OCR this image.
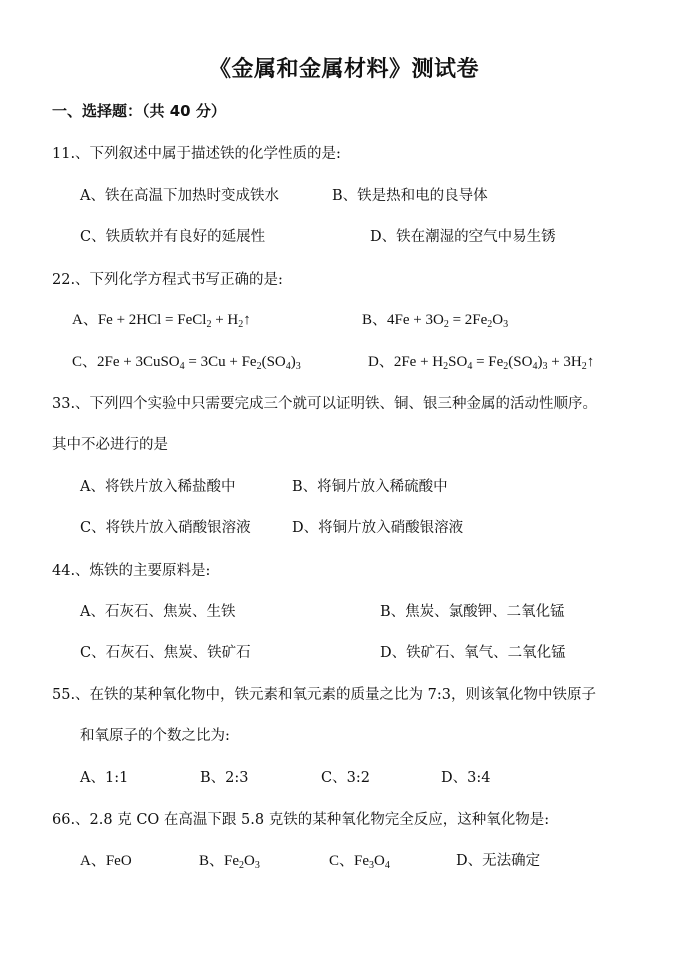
《金属和金属材料》测试卷
一、选择题：（共 40 分）
11.、下列叙述中属于描述铁的化学性质的是:
A、铁在高温下加热时变成铁水	B、铁是热和电的良导体
C、铁质软并有良好的延展性	D、铁在潮湿的空气中易生锈
22.、下列化学方程式书写正确的是:
A、Fe + 2HCl = FeCl$_2$ + $H_2↑$	B、$4Fe + 3O_2 = 2Fe_2O_3$
C、2Fe + 3CuSO$_4$ = $3Cu + Fe_2(SO_4)_3$	D、$2Fe + H_2SO_4 = Fe_2(SO_4)_3$ + $3H_2↑$
33.、下列四个实验中只需要完成三个就可以证明铁、铜、银三种金属的活动性顺序。
其中不必进行的是
A、将铁片放入稀盐酸中	B、将铜片放入稀硫酸中
C、将铁片放入硝酸银溶液	D、将铜片放入硝酸银溶液
44.、炼铁的主要原料是:
A、石灰石、焦炭、生铁	B、焦炭、氯酸钾、二氧化锰
C、石灰石、焦炭、铁矿石	D、铁矿石、氧气、二氧化锰
55.、在铁的某种氧化物中，铁元素和氧元素的质量之比为 7:3，则该氧化物中铁原子
和氧原子的个数之比为:
A、1:1	B、2:3	C、3:2	D、3:4
66.、2.8 克 CO 在高温下跟 5.8 克铁的某种氧化物完全反应，这种氧化物是:
A、FeO	B、$Fe_2O_3$	C、$Fe_3O_4$	D、无法确定
